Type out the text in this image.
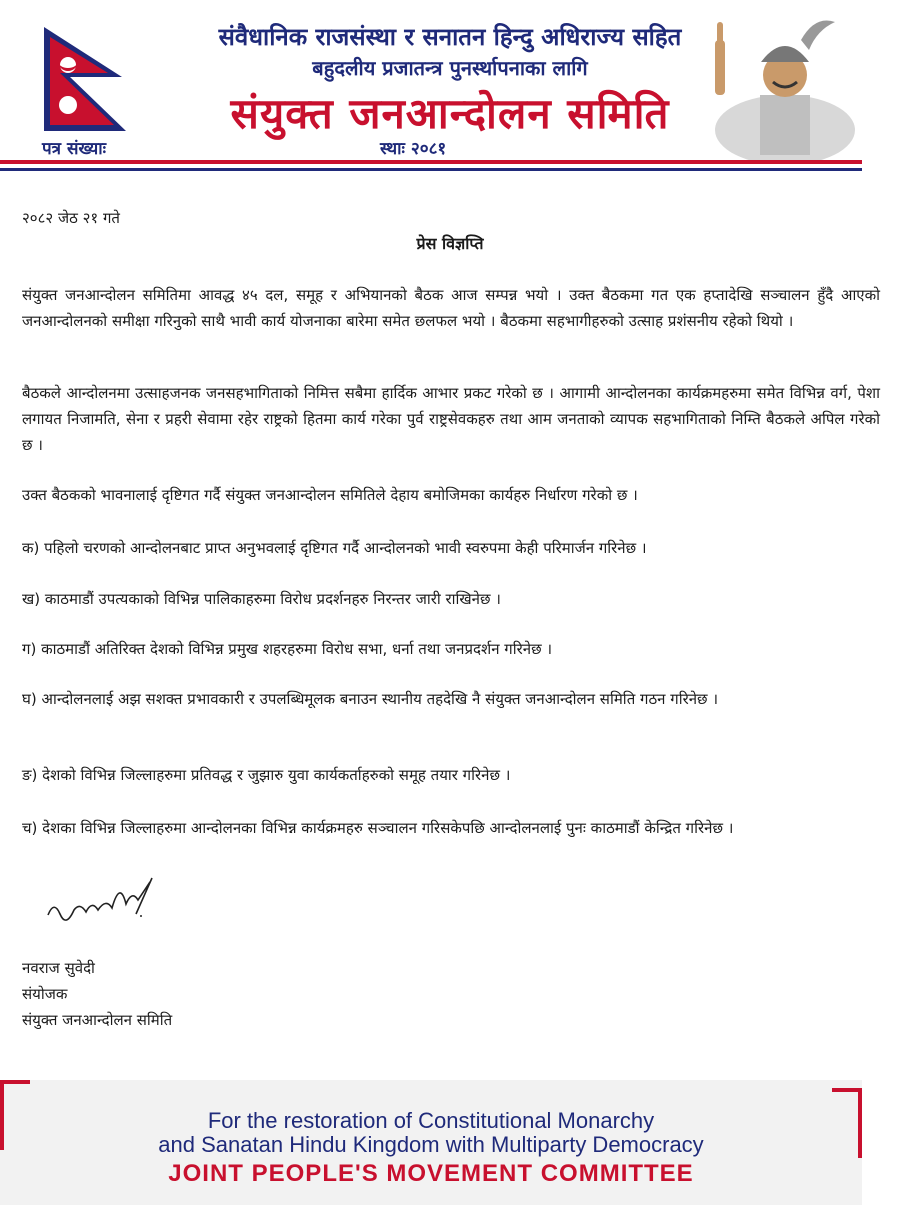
संवैधानिक राजसंस्था र सनातन हिन्दु अधिराज्य सहित
बहुदलीय प्रजातन्त्र पुनर्स्थापनाका लागि
संयुक्त जनआन्दोलन समिति
पत्र संख्याः	स्थाः २०८१
२०८२ जेठ २१ गते
प्रेस विज्ञप्ति
संयुक्त जनआन्दोलन समितिमा आवद्ध ४५ दल, समूह र अभियानको बैठक आज सम्पन्न भयो । उक्त बैठकमा गत एक हप्तादेखि सञ्चालन हुँदै आएको जनआन्दोलनको समीक्षा गरिनुको साथै भावी कार्य योजनाका बारेमा समेत छलफल भयो । बैठकमा सहभागीहरुको उत्साह प्रशंसनीय रहेको थियो ।
बैठकले आन्दोलनमा उत्साहजनक जनसहभागिताको निमित्त सबैमा हार्दिक आभार प्रकट गरेको छ । आगामी आन्दोलनका कार्यक्रमहरुमा समेत विभिन्न वर्ग, पेशा लगायत निजामति, सेना र प्रहरी सेवामा रहेर राष्ट्रको हितमा कार्य गरेका पुर्व राष्ट्रसेवकहरु तथा आम जनताको व्यापक सहभागिताको निम्ति बैठकले अपिल गरेको छ ।
उक्त बैठकको भावनालाई दृष्टिगत गर्दै संयुक्त जनआन्दोलन समितिले देहाय बमोजिमका कार्यहरु निर्धारण गरेको छ ।
क) पहिलो चरणको आन्दोलनबाट प्राप्त अनुभवलाई दृष्टिगत गर्दै आन्दोलनको भावी स्वरुपमा केही परिमार्जन गरिनेछ ।
ख) काठमाडौं उपत्यकाको विभिन्न पालिकाहरुमा विरोध प्रदर्शनहरु निरन्तर जारी राखिनेछ ।
ग) काठमाडौं अतिरिक्त देशको विभिन्न प्रमुख शहरहरुमा विरोध सभा, धर्ना तथा जनप्रदर्शन गरिनेछ ।
घ) आन्दोलनलाई अझ सशक्त प्रभावकारी र उपलब्धिमूलक बनाउन स्थानीय तहदेखि नै संयुक्त जनआन्दोलन समिति गठन गरिनेछ ।
ङ) देशको विभिन्न जिल्लाहरुमा प्रतिवद्ध र जुझारु युवा कार्यकर्ताहरुको समूह तयार गरिनेछ ।
च) देशका विभिन्न जिल्लाहरुमा आन्दोलनका विभिन्न कार्यक्रमहरु सञ्चालन गरिसकेपछि आन्दोलनलाई पुनः काठमाडौं केन्द्रित गरिनेछ ।
नवराज सुवेदी
संयोजक
संयुक्त जनआन्दोलन समिति
For the restoration of Constitutional Monarchy
and Sanatan Hindu Kingdom with Multiparty Democracy
JOINT PEOPLE'S MOVEMENT COMMITTEE
